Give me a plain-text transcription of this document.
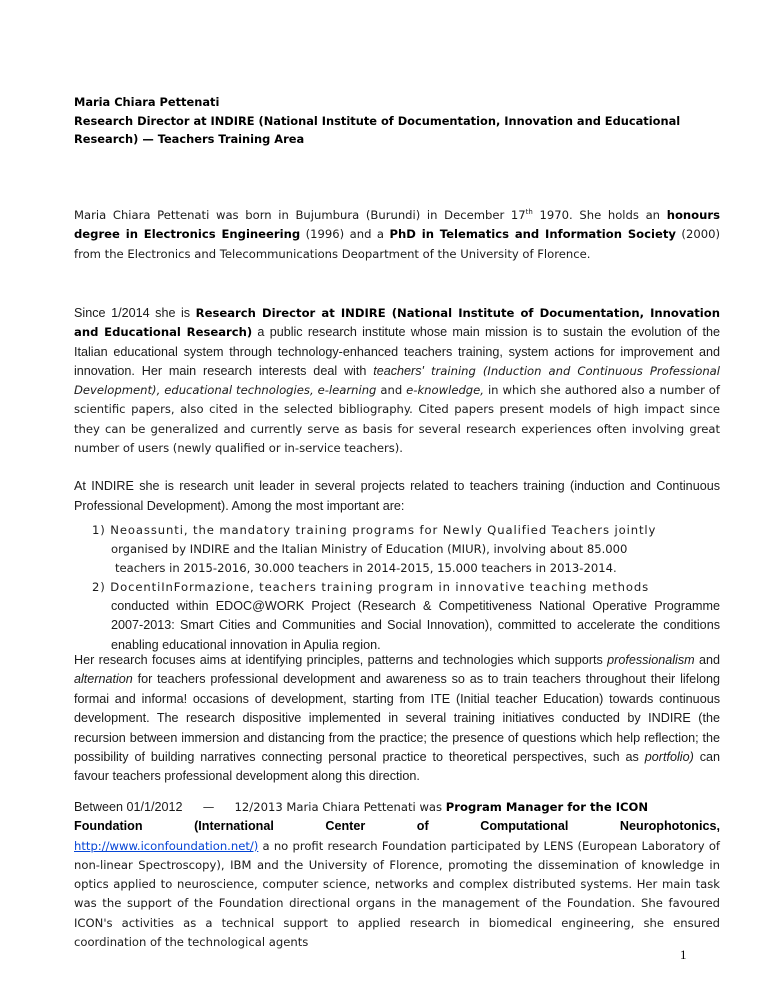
Maria Chiara Pettenati
Research Director at INDIRE (National Institute of Documentation, Innovation and Educational
Research) — Teachers Training Area
Maria Chiara Pettenati was born in Bujumbura (Burundi) in December 17th 1970. She holds an honours degree in Electronics Engineering (1996) and a PhD in Telematics and Information Society (2000) from the Electronics and Telecommunications Deopartment of the University of Florence.
Since 1/2014 she is Research Director at INDIRE (National Institute of Documentation, Innovation and Educational Research) a public research institute whose main mission is to sustain the evolution of the Italian educational system through technology-enhanced teachers training, system actions for improvement and innovation. Her main research interests deal with teachers' training (Induction and Continuous Professional Development), educational technologies, e-learning and e-knowledge, in which she authored also a number of scientific papers, also cited in the selected bibliography. Cited papers present models of high impact since they can be generalized and currently serve as basis for several research experiences often involving great number of users (newly qualified or in-service teachers).
At INDIRE she is research unit leader in several projects related to teachers training (induction and Continuous Professional Development). Among the most important are:
1) Neoassunti, the mandatory training programs for Newly Qualified Teachers jointly
organised by INDIRE and the Italian Ministry of Education (MIUR), involving about 85.000
teachers in 2015-2016, 30.000 teachers in 2014-2015, 15.000 teachers in 2013-2014.
2) DocentiInFormazione, teachers training program in innovative teaching methods
conducted within EDOC@WORK Project (Research & Competitiveness National Operative Programme 2007-2013: Smart Cities and Communities and Social Innovation), committed to accelerate the conditions enabling educational innovation in Apulia region.
Her research focuses aims at identifying principles, patterns and technologies which supports professionalism and alternation for teachers professional development and awareness so as to train teachers throughout their lifelong formai and informa! occasions of development, starting from ITE (Initial teacher Education) towards continuous development. The research dispositive implemented in several training initiatives conducted by INDIRE (the recursion between immersion and distancing from the practice; the presence of questions which help reflection; the possibility of building narratives connecting personal practice to theoretical perspectives, such as portfolio) can favour teachers professional development along this direction.
Between 01/1/2012 — 12/2013 Maria Chiara Pettenati was Program Manager for the ICON
Foundation	(International	Center	of	Computational	Neurophotonics,
http://www.iconfoundation.net/) a no profit research Foundation participated by LENS (European Laboratory of non-linear Spectroscopy), IBM and the University of Florence, promoting the dissemination of knowledge in optics applied to neuroscience, computer science, networks and complex distributed systems. Her main task was the support of the Foundation directional organs in the management of the Foundation. She favoured ICON's activities as a technical support to applied research in biomedical engineering, she ensured coordination of the technological agents
1
